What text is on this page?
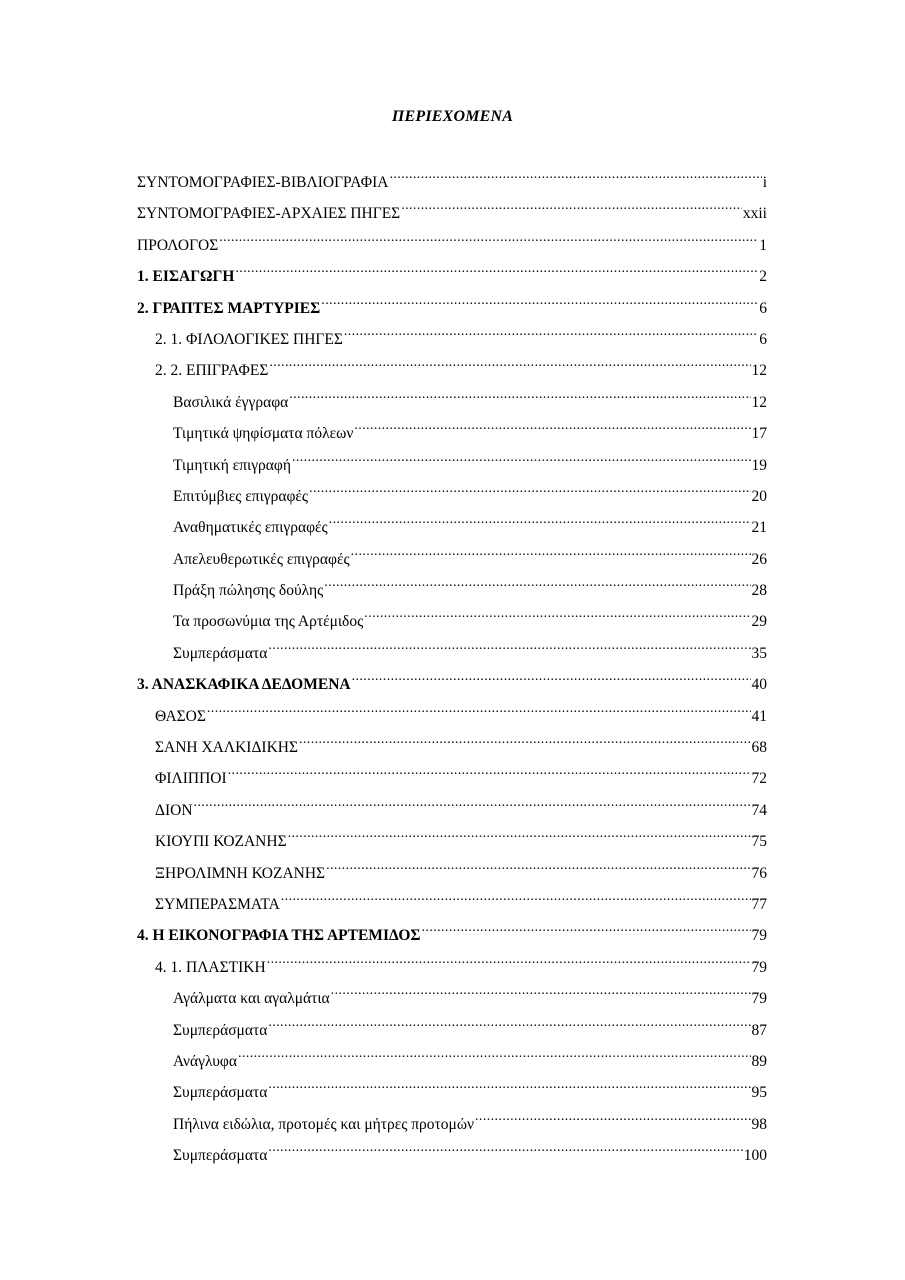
ΠΕΡΙΕΧΟΜΕΝΑ
ΣΥΝΤΟΜΟΓΡΑΦΙΕΣ-ΒΙΒΛΙΟΓΡΑΦΙΑ .....	i
ΣΥΝΤΟΜΟΓΡΑΦΙΕΣ-ΑΡΧΑΙΕΣ ΠΗΓΕΣ .....	xxii
ΠΡΟΛΟΓΟΣ .....	1
1. ΕΙΣΑΓΩΓΗ .....	2
2. ΓΡΑΠΤΕΣ ΜΑΡΤΥΡΙΕΣ .....	6
2. 1. ΦΙΛΟΛΟΓΙΚΕΣ ΠΗΓΕΣ .....	6
2. 2. ΕΠΙΓΡΑΦΕΣ .....	12
Βασιλικά έγγραφα .....	12
Τιμητικά ψηφίσματα πόλεων .....	17
Τιμητική επιγραφή .....	19
Επιτύμβιες επιγραφές .....	20
Αναθηματικές επιγραφές .....	21
Απελευθερωτικές επιγραφές .....	26
Πράξη πώλησης δούλης .....	28
Τα προσωνύμια της Αρτέμιδος .....	29
Συμπεράσματα .....	35
3. ΑΝΑΣΚΑΦΙΚΑ ΔΕΔΟΜΕΝΑ .....	40
ΘΑΣΟΣ .....	41
ΣΑΝΗ ΧΑΛΚΙΔΙΚΗΣ .....	68
ΦΙΛΙΠΠΟΙ .....	72
ΔΙΟΝ .....	74
ΚΙΟΥΠΙ ΚΟΖΑΝΗΣ .....	75
ΞΗΡΟΛΙΜΝΗ ΚΟΖΑΝΗΣ .....	76
ΣΥΜΠΕΡΑΣΜΑΤΑ .....	77
4. Η ΕΙΚΟΝΟΓΡΑΦΙΑ ΤΗΣ ΑΡΤΕΜΙΔΟΣ .....	79
4. 1. ΠΛΑΣΤΙΚΗ .....	79
Αγάλματα και αγαλμάτια .....	79
Συμπεράσματα .....	87
Ανάγλυφα .....	89
Συμπεράσματα .....	95
Πήλινα ειδώλια, προτομές και μήτρες προτομών .....	98
Συμπεράσματα .....	100
